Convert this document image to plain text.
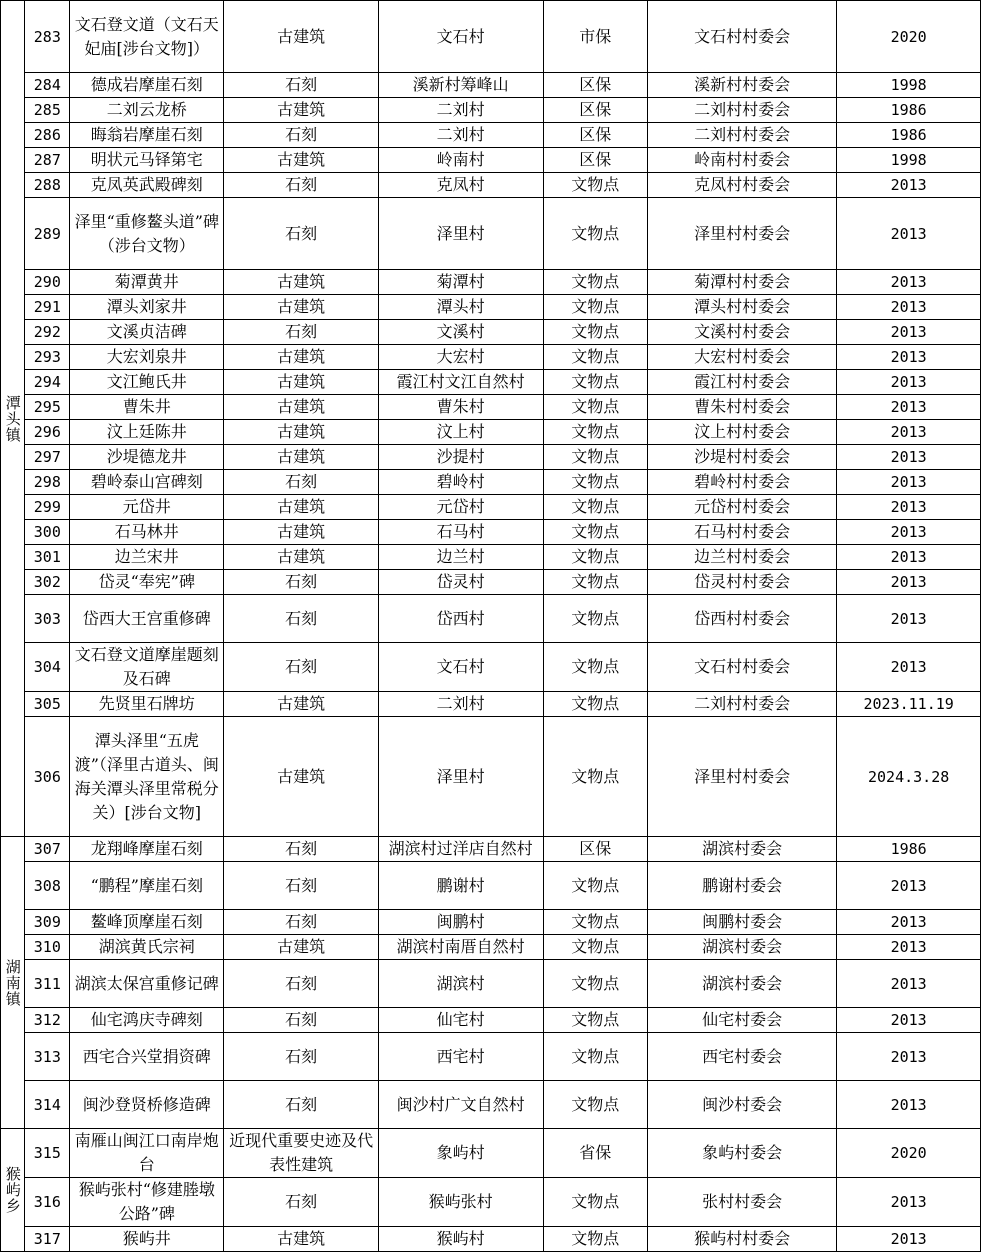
潭头镇	283	文石登文道（文石天妃庙[涉台文物]）	古建筑	文石村	市保	文石村村委会	2020
	284	德成岩摩崖石刻	石刻	溪新村筹峰山	区保	溪新村村委会	1998
	285	二刘云龙桥	古建筑	二刘村	区保	二刘村村委会	1986
	286	晦翁岩摩崖石刻	石刻	二刘村	区保	二刘村村委会	1986
	287	明状元马铎第宅	古建筑	岭南村	区保	岭南村村委会	1998
	288	克凤英武殿碑刻	石刻	克凤村	文物点	克凤村村委会	2013
	289	泽里“重修鳌头道”碑（涉台文物）	石刻	泽里村	文物点	泽里村村委会	2013
	290	菊潭黄井	古建筑	菊潭村	文物点	菊潭村村委会	2013
	291	潭头刘家井	古建筑	潭头村	文物点	潭头村村委会	2013
	292	文溪贞洁碑	石刻	文溪村	文物点	文溪村村委会	2013
	293	大宏刘泉井	古建筑	大宏村	文物点	大宏村村委会	2013
	294	文江鲍氏井	古建筑	霞江村文江自然村	文物点	霞江村村委会	2013
	295	曹朱井	古建筑	曹朱村	文物点	曹朱村村委会	2013
	296	汶上廷陈井	古建筑	汶上村	文物点	汶上村村委会	2013
	297	沙堤德龙井	古建筑	沙提村	文物点	沙堤村村委会	2013
	298	碧岭泰山宫碑刻	石刻	碧岭村	文物点	碧岭村村委会	2013
	299	元岱井	古建筑	元岱村	文物点	元岱村村委会	2013
	300	石马林井	古建筑	石马村	文物点	石马村村委会	2013
	301	边兰宋井	古建筑	边兰村	文物点	边兰村村委会	2013
	302	岱灵“奉宪”碑	石刻	岱灵村	文物点	岱灵村村委会	2013
	303	岱西大王宫重修碑	石刻	岱西村	文物点	岱西村村委会	2013
	304	文石登文道摩崖题刻及石碑	石刻	文石村	文物点	文石村村委会	2013
	305	先贤里石牌坊	古建筑	二刘村	文物点	二刘村村委会	2023.11.19
	306	潭头泽里“五虎渡”（泽里古道头、闽海关潭头泽里常税分关）[涉台文物]	古建筑	泽里村	文物点	泽里村村委会	2024.3.28
湖南镇	307	龙翔峰摩崖石刻	石刻	湖滨村过洋店自然村	区保	湖滨村委会	1986
	308	“鹏程”摩崖石刻	石刻	鹏谢村	文物点	鹏谢村委会	2013
	309	鳌峰顶摩崖石刻	石刻	闽鹏村	文物点	闽鹏村委会	2013
	310	湖滨黄氏宗祠	古建筑	湖滨村南厝自然村	文物点	湖滨村委会	2013
	311	湖滨太保宫重修记碑	石刻	湖滨村	文物点	湖滨村委会	2013
	312	仙宅鸿庆寺碑刻	石刻	仙宅村	文物点	仙宅村委会	2013
	313	西宅合兴堂捐资碑	石刻	西宅村	文物点	西宅村委会	2013
	314	闽沙登贤桥修造碑	石刻	闽沙村广文自然村	文物点	闽沙村委会	2013
猴屿乡	315	南雁山闽江口南岸炮台	近现代重要史迹及代表性建筑	象屿村	省保	象屿村委会	2020
	316	猴屿张村“修建塍墩公路”碑	石刻	猴屿张村	文物点	张村村委会	2013
	317	猴屿井	古建筑	猴屿村	文物点	猴屿村村委会	2013
